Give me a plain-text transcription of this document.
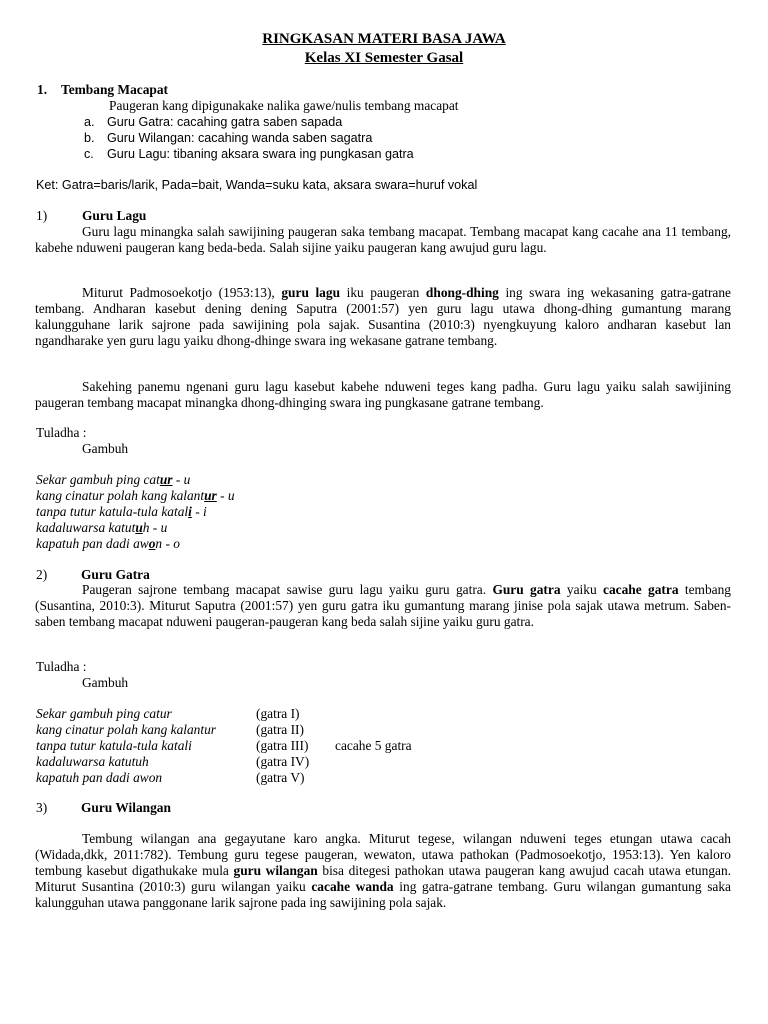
RINGKASAN MATERI BASA JAWA
Kelas XI Semester Gasal
1. Tembang Macapat
Paugeran kang dipigunakake nalika gawe/nulis tembang macapat
a. Guru Gatra: cacahing gatra saben sapada
b. Guru Wilangan: cacahing wanda saben sagatra
c. Guru Lagu: tibaning aksara swara ing pungkasan gatra
Ket: Gatra=baris/larik, Pada=bait, Wanda=suku kata, aksara swara=huruf vokal
1)	Guru Lagu
Guru lagu minangka salah sawijining paugeran saka tembang macapat. Tembang macapat kang cacahe ana 11 tembang, kabehe nduweni paugeran kang beda-beda. Salah sijine yaiku paugeran kang awujud guru lagu.
Miturut Padmosoekotjo (1953:13), guru lagu iku paugeran dhong-dhing ing swara ing wekasaning gatra-gatrane tembang. Andharan kasebut dening dening Saputra (2001:57) yen guru lagu utawa dhong-dhing gumantung marang kalungguhane larik sajrone pada sawijining pola sajak. Susantina (2010:3) nyengkuyung kaloro andharan kasebut lan ngandharake yen guru lagu yaiku dhong-dhinge swara ing wekasane gatrane tembang.
Sakehing panemu ngenani guru lagu kasebut kabehe nduweni teges kang padha. Guru lagu yaiku salah sawijining paugeran tembang macapat minangka dhong-dhinging swara ing pungkasane gatrane tembang.
Tuladha :
Gambuh
Sekar gambuh ping catur - u
kang cinatur polah kang kalantur - u
tanpa tutur katula-tula katali - i
kadaluwarsa katutuh - u
kapatuh pan dadi awon - o
2)	Guru Gatra
Paugeran sajrone tembang macapat sawise guru lagu yaiku guru gatra. Guru gatra yaiku cacahe gatra tembang (Susantina, 2010:3). Miturut Saputra (2001:57) yen guru gatra iku gumantung marang jinise pola sajak utawa metrum. Saben-saben tembang macapat nduweni paugeran-paugeran kang beda salah sijine yaiku guru gatra.
Tuladha :
Gambuh
Sekar gambuh ping catur	(gatra I)
kang cinatur polah kang kalantur	(gatra II)
tanpa tutur katula-tula katali	(gatra III) cacahe 5 gatra
kadaluwarsa katutuh	(gatra IV)
kapatuh pan dadi awon	(gatra V)
3)	Guru Wilangan
Tembung wilangan ana gegayutane karo angka. Miturut tegese, wilangan nduweni teges etungan utawa cacah (Widada,dkk, 2011:782). Tembung guru tegese paugeran, wewaton, utawa pathokan (Padmosoekotjo, 1953:13). Yen kaloro tembung kasebut digathukake mula guru wilangan bisa ditegesi pathokan utawa paugeran kang awujud cacah utawa etungan. Miturut Susantina (2010:3) guru wilangan yaiku cacahe wanda ing gatra-gatrane tembang. Guru wilangan gumantung saka kalungguhan utawa panggonane larik sajrone pada ing sawijining pola sajak.
